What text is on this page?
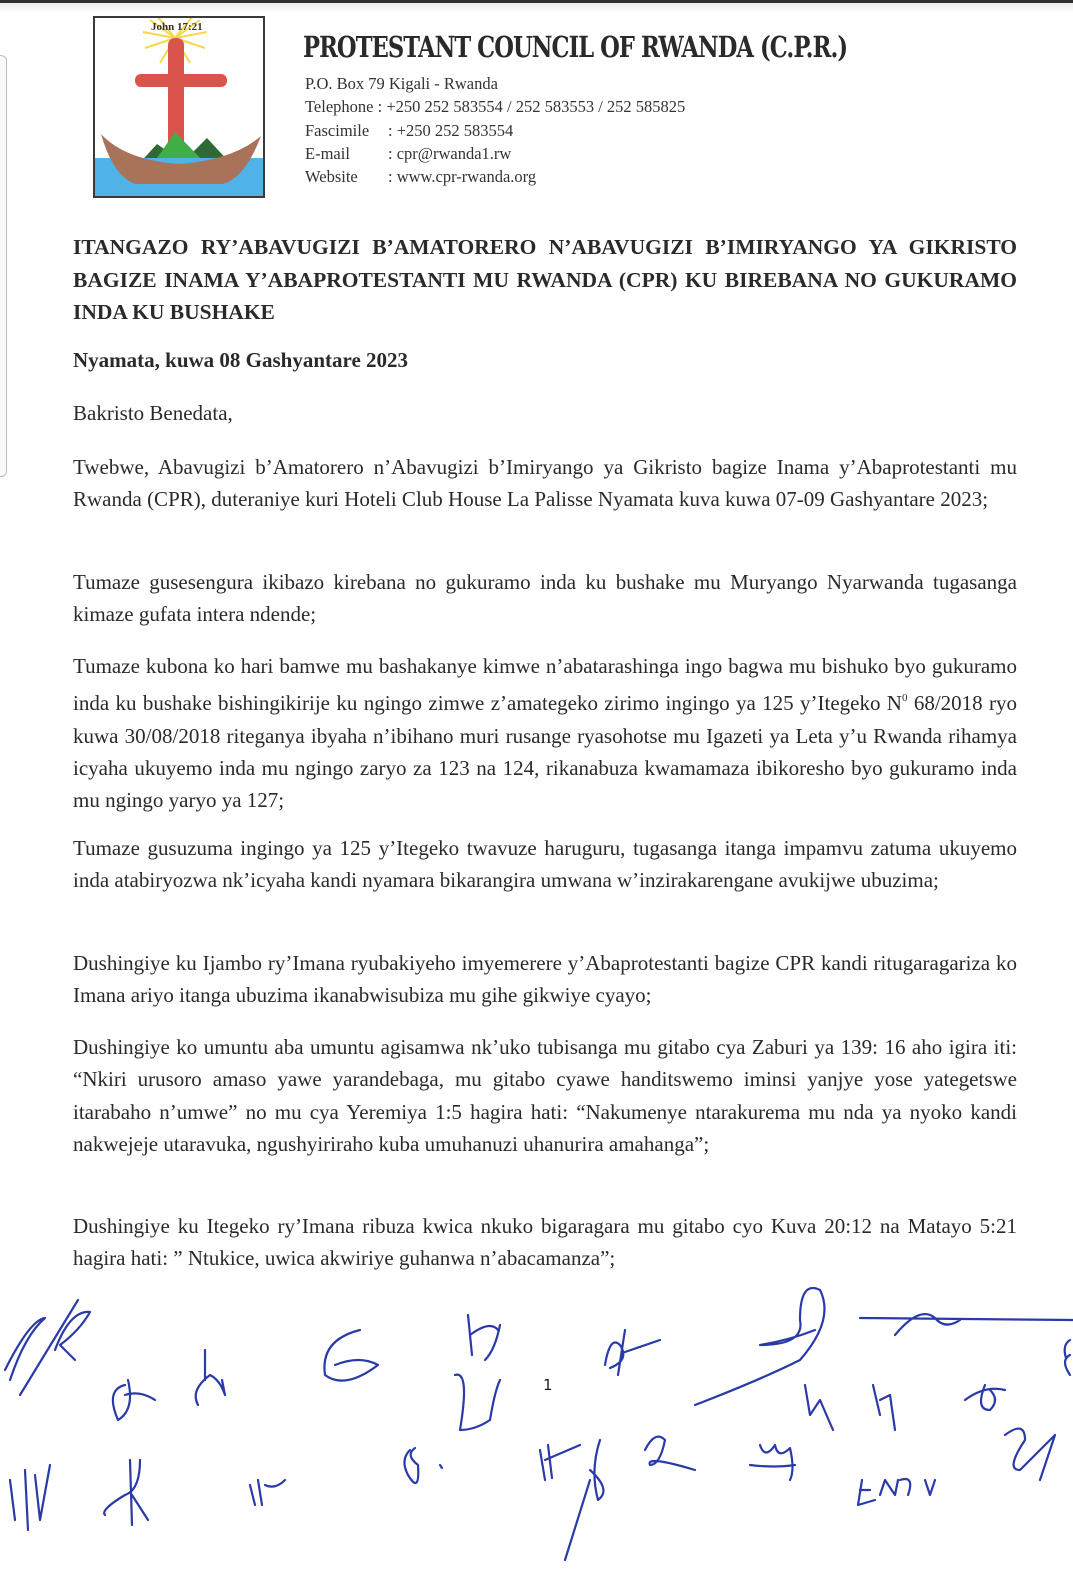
John 17:21
PROTESTANT COUNCIL OF RWANDA (C.P.R.)
P.O. Box 79 Kigali - Rwanda
Telephone : +250 252 583554 / 252 583553 / 252 585825
Fascimile : +250 252 583554
E-mail : cpr@rwanda1.rw
Website : www.cpr-rwanda.org
ITANGAZO RY’ABAVUGIZI B’AMATORERO N’ABAVUGIZI B’IMIRYANGO YA GIKRISTO BAGIZE INAMA Y’ABAPROTESTANTI MU RWANDA (CPR) KU BIREBANA NO GUKURAMO INDA KU BUSHAKE
Nyamata, kuwa 08 Gashyantare 2023
Bakristo Benedata,
Twebwe, Abavugizi b’Amatorero n’Abavugizi b’Imiryango ya Gikristo bagize Inama y’Abaprotestanti mu Rwanda (CPR), duteraniye kuri Hoteli Club House La Palisse Nyamata kuva kuwa 07-09 Gashyantare 2023;
Tumaze gusesengura ikibazo kirebana no gukuramo inda ku bushake mu Muryango Nyarwanda tugasanga kimaze gufata intera ndende;
Tumaze kubona ko hari bamwe mu bashakanye kimwe n’abatarashinga ingo bagwa mu bishuko byo gukuramo inda ku bushake bishingikirije ku ngingo zimwe z’amategeko zirimo ingingo ya 125 y’Itegeko $N^0$ 68/2018 ryo kuwa 30/08/2018 riteganya ibyaha n’ibihano muri rusange ryasohotse mu Igazeti ya Leta y’u Rwanda rihamya icyaha ukuyemo inda mu ngingo zaryo za 123 na 124, rikanabuza kwamamaza ibikoresho byo gukuramo inda mu ngingo yaryo ya 127;
Tumaze gusuzuma ingingo ya 125 y’Itegeko twavuze haruguru, tugasanga itanga impamvu zatuma ukuyemo inda atabiryozwa nk’icyaha kandi nyamara bikarangira umwana w’inzirakarengane avukijwe ubuzima;
Dushingiye ku Ijambo ry’Imana ryubakiyeho imyemerere y’Abaprotestanti bagize CPR kandi ritugaragariza ko Imana ariyo itanga ubuzima ikanabwisubiza mu gihe gikwiye cyayo;
Dushingiye ko umuntu aba umuntu agisamwa nk’uko tubisanga mu gitabo cya Zaburi ya 139: 16 aho igira iti: “Nkiri urusoro amaso yawe yarandebaga, mu gitabo cyawe handitswemo iminsi yanjye yose yategetswe itarabaho n’umwe” no mu cya Yeremiya 1:5 hagira hati: “Nakumenye ntarakurema mu nda ya nyoko kandi nakwejeje utaravuka, ngushyiriraho kuba umuhanuzi uhanurira amahanga”;
Dushingiye ku Itegeko ry’Imana ribuza kwica nkuko bigaragara mu gitabo cyo Kuva 20:12 na Matayo 5:21 hagira hati: ” Ntukice, uwica akwiriye guhanwa n’abacamanza”;
1
